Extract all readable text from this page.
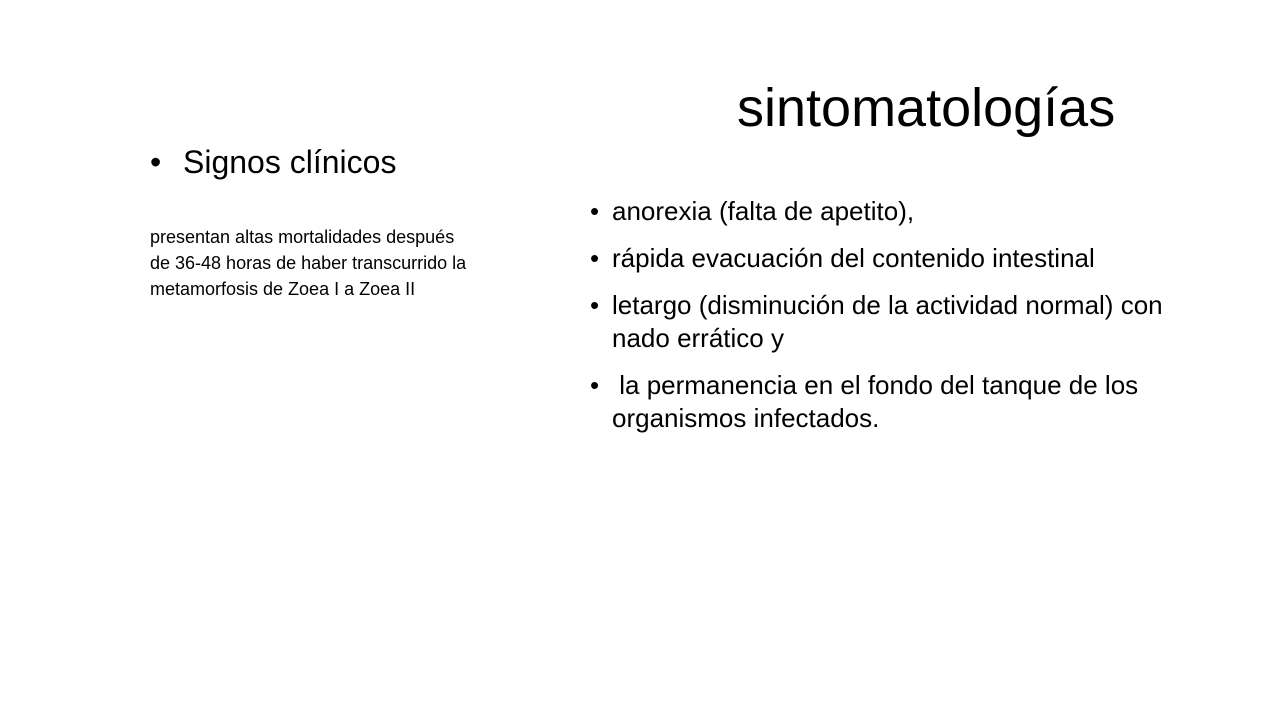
sintomatologías
• Signos clínicos

presentan altas mortalidades después de 36-48 horas de haber transcurrido la metamorfosis de Zoea I a Zoea II

• anorexia (falta de apetito),
• rápida evacuación del contenido intestinal
• letargo (disminución de la actividad normal) con nado errático y
• la permanencia en el fondo del tanque de los organismos infectados.
